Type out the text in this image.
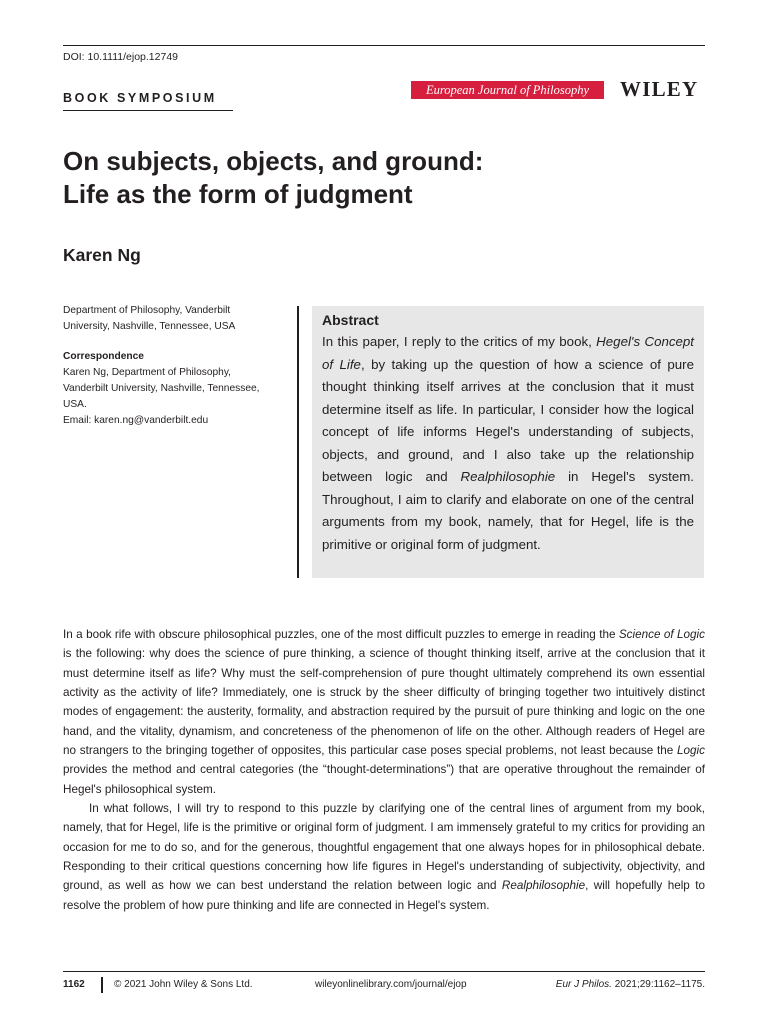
DOI: 10.1111/ejop.12749
BOOK SYMPOSIUM
European Journal of Philosophy	WILEY
On subjects, objects, and ground:
Life as the form of judgment
Karen Ng
Department of Philosophy, Vanderbilt
University, Nashville, Tennessee, USA
Correspondence
Karen Ng, Department of Philosophy,
Vanderbilt University, Nashville, Tennessee,
USA.
Email: karen.ng@vanderbilt.edu
Abstract
In this paper, I reply to the critics of my book, Hegel's Concept of Life, by taking up the question of how a science of pure thought thinking itself arrives at the conclusion that it must determine itself as life. In particular, I consider how the logical concept of life informs Hegel's understanding of subjects, objects, and ground, and I also take up the relationship between logic and Realphilosophie in Hegel's system. Throughout, I aim to clarify and elaborate on one of the central arguments from my book, namely, that for Hegel, life is the primitive or original form of judgment.

In a book rife with obscure philosophical puzzles, one of the most difficult puzzles to emerge in reading the Science of Logic is the following: why does the science of pure thinking, a science of thought thinking itself, arrive at the conclusion that it must determine itself as life? Why must the self-comprehension of pure thought ultimately comprehend its own essential activity as the activity of life? Immediately, one is struck by the sheer difficulty of bringing together two intuitively distinct modes of engagement: the austerity, formality, and abstraction required by the pursuit of pure thinking and logic on the one hand, and the vitality, dynamism, and concreteness of the phenomenon of life on the other. Although readers of Hegel are no strangers to the bringing together of opposites, this particular case poses special problems, not least because the Logic provides the method and central categories (the “thought-determinations”) that are operative throughout the remainder of Hegel's philosophical system.

In what follows, I will try to respond to this puzzle by clarifying one of the central lines of argument from my book, namely, that for Hegel, life is the primitive or original form of judgment. I am immensely grateful to my critics for providing an occasion for me to do so, and for the generous, thoughtful engagement that one always hopes for in philosophical debate. Responding to their critical questions concerning how life figures in Hegel's understanding of subjectivity, objectivity, and ground, as well as how we can best understand the relation between logic and Realphilosophie, will hopefully help to resolve the problem of how pure thinking and life are connected in Hegel's system.

1162	© 2021 John Wiley & Sons Ltd.	wileyonlinelibrary.com/journal/ejop	Eur J Philos. 2021;29:1162–1175.
